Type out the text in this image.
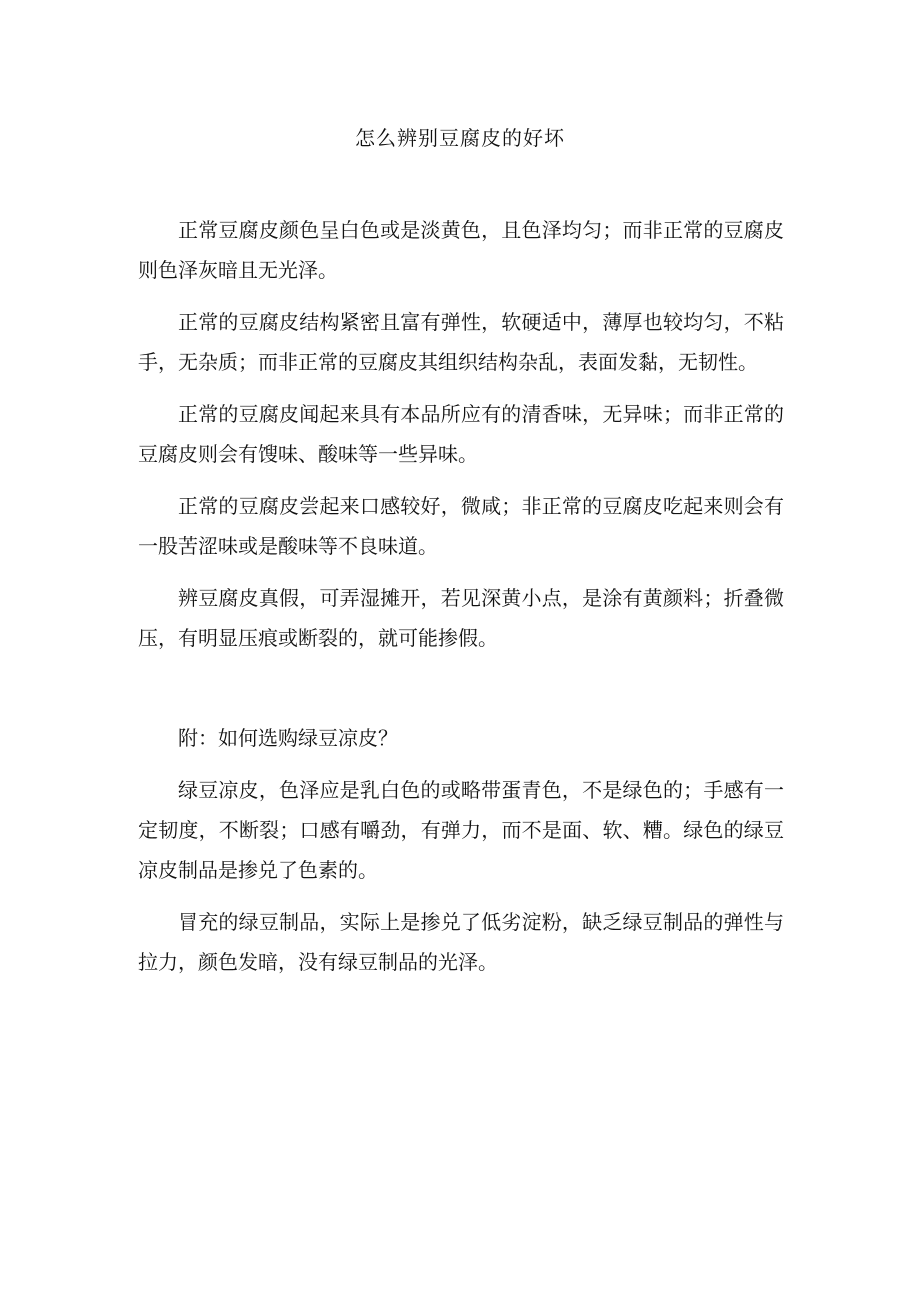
怎么辨别豆腐皮的好坏

正常豆腐皮颜色呈白色或是淡黄色，且色泽均匀；而非正常的豆腐皮则色泽灰暗且无光泽。

正常的豆腐皮结构紧密且富有弹性，软硬适中，薄厚也较均匀，不粘手，无杂质；而非正常的豆腐皮其组织结构杂乱，表面发黏，无韧性。

正常的豆腐皮闻起来具有本品所应有的清香味，无异味；而非正常的豆腐皮则会有馊味、酸味等一些异味。

正常的豆腐皮尝起来口感较好，微咸；非正常的豆腐皮吃起来则会有一股苦涩味或是酸味等不良味道。

辨豆腐皮真假，可弄湿摊开，若见深黄小点，是涂有黄颜料；折叠微压，有明显压痕或断裂的，就可能掺假。

附：如何选购绿豆凉皮？

绿豆凉皮，色泽应是乳白色的或略带蛋青色，不是绿色的；手感有一定韧度，不断裂；口感有嚼劲，有弹力，而不是面、软、糟。绿色的绿豆凉皮制品是掺兑了色素的。

冒充的绿豆制品，实际上是掺兑了低劣淀粉，缺乏绿豆制品的弹性与拉力，颜色发暗，没有绿豆制品的光泽。
